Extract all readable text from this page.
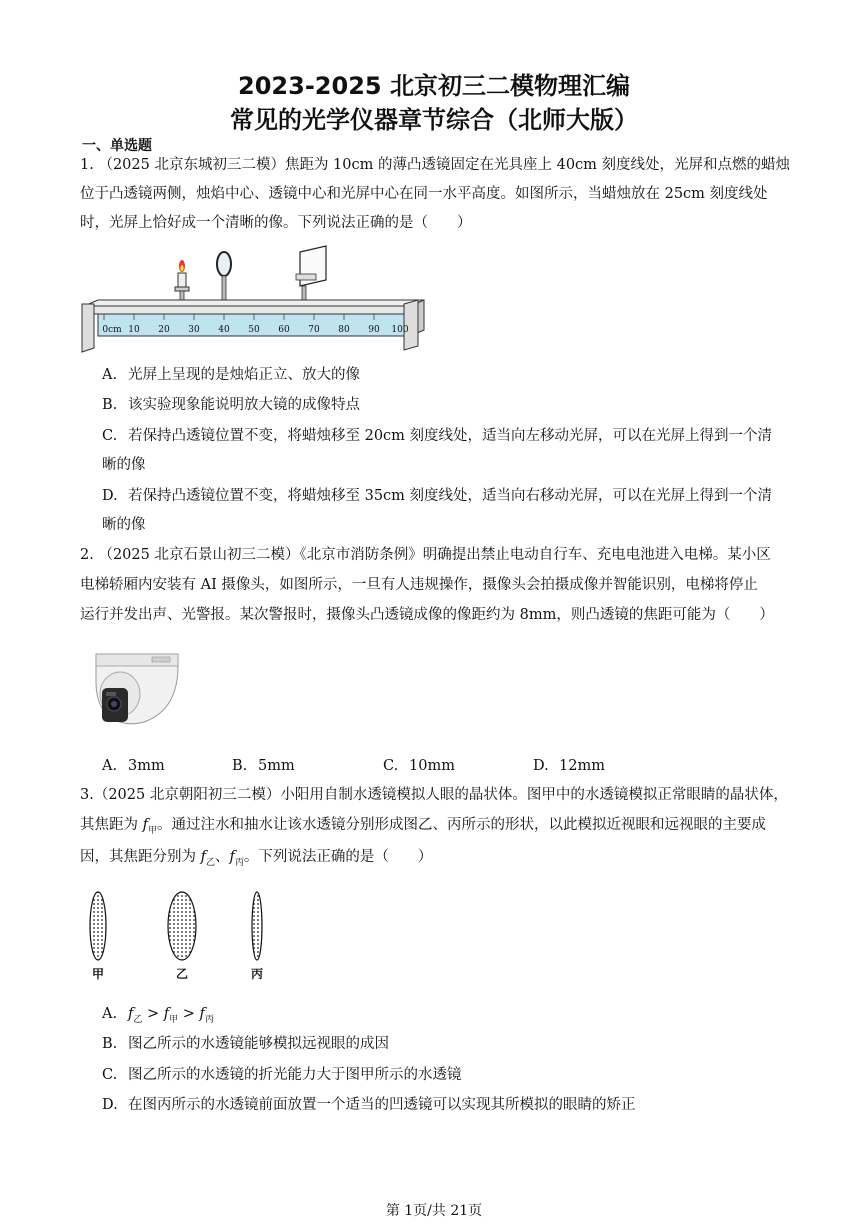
2023-2025 北京初三二模物理汇编
常见的光学仪器章节综合（北师大版）
一、单选题
1. （2025 北京东城初三二模）焦距为 10cm 的薄凸透镜固定在光具座上 40cm 刻度线处，光屏和点燃的蜡烛
位于凸透镜两侧，烛焰中心、透镜中心和光屏中心在同一水平高度。如图所示，当蜡烛放在 25cm 刻度线处
时，光屏上恰好成一个清晰的像。下列说法正确的是（　　）
0cm 10 20 30 40 50 60 70 80 90 100
A. 光屏上呈现的是烛焰正立、放大的像
B. 该实验现象能说明放大镜的成像特点
C. 若保持凸透镜位置不变，将蜡烛移至 20cm 刻度线处，适当向左移动光屏，可以在光屏上得到一个清
晰的像
D. 若保持凸透镜位置不变，将蜡烛移至 35cm 刻度线处，适当向右移动光屏，可以在光屏上得到一个清
晰的像
2. （2025 北京石景山初三二模）《北京市消防条例》明确提出禁止电动自行车、充电电池进入电梯。某小区
电梯轿厢内安装有 AI 摄像头，如图所示，一旦有人违规操作，摄像头会拍摄成像并智能识别，电梯将停止
运行并发出声、光警报。某次警报时，摄像头凸透镜成像的像距约为 8mm，则凸透镜的焦距可能为（　　）
A. 3mm	B. 5mm	C. 10mm	D. 12mm
3.（2025 北京朝阳初三二模）小阳用自制水透镜模拟人眼的晶状体。图甲中的水透镜模拟正常眼睛的晶状体，
其焦距为 $f_甲$。通过注水和抽水让该水透镜分别形成图乙、丙所示的形状，以此模拟近视眼和远视眼的主要成
因，其焦距分别为 $f_乙$、$f_丙$。下列说法正确的是（　　）
甲	乙	丙
A. $f_乙 > f_甲 > f_丙$
B. 图乙所示的水透镜能够模拟远视眼的成因
C. 图乙所示的水透镜的折光能力大于图甲所示的水透镜
D. 在图丙所示的水透镜前面放置一个适当的凹透镜可以实现其所模拟的眼睛的矫正
第 1页/共 21页
